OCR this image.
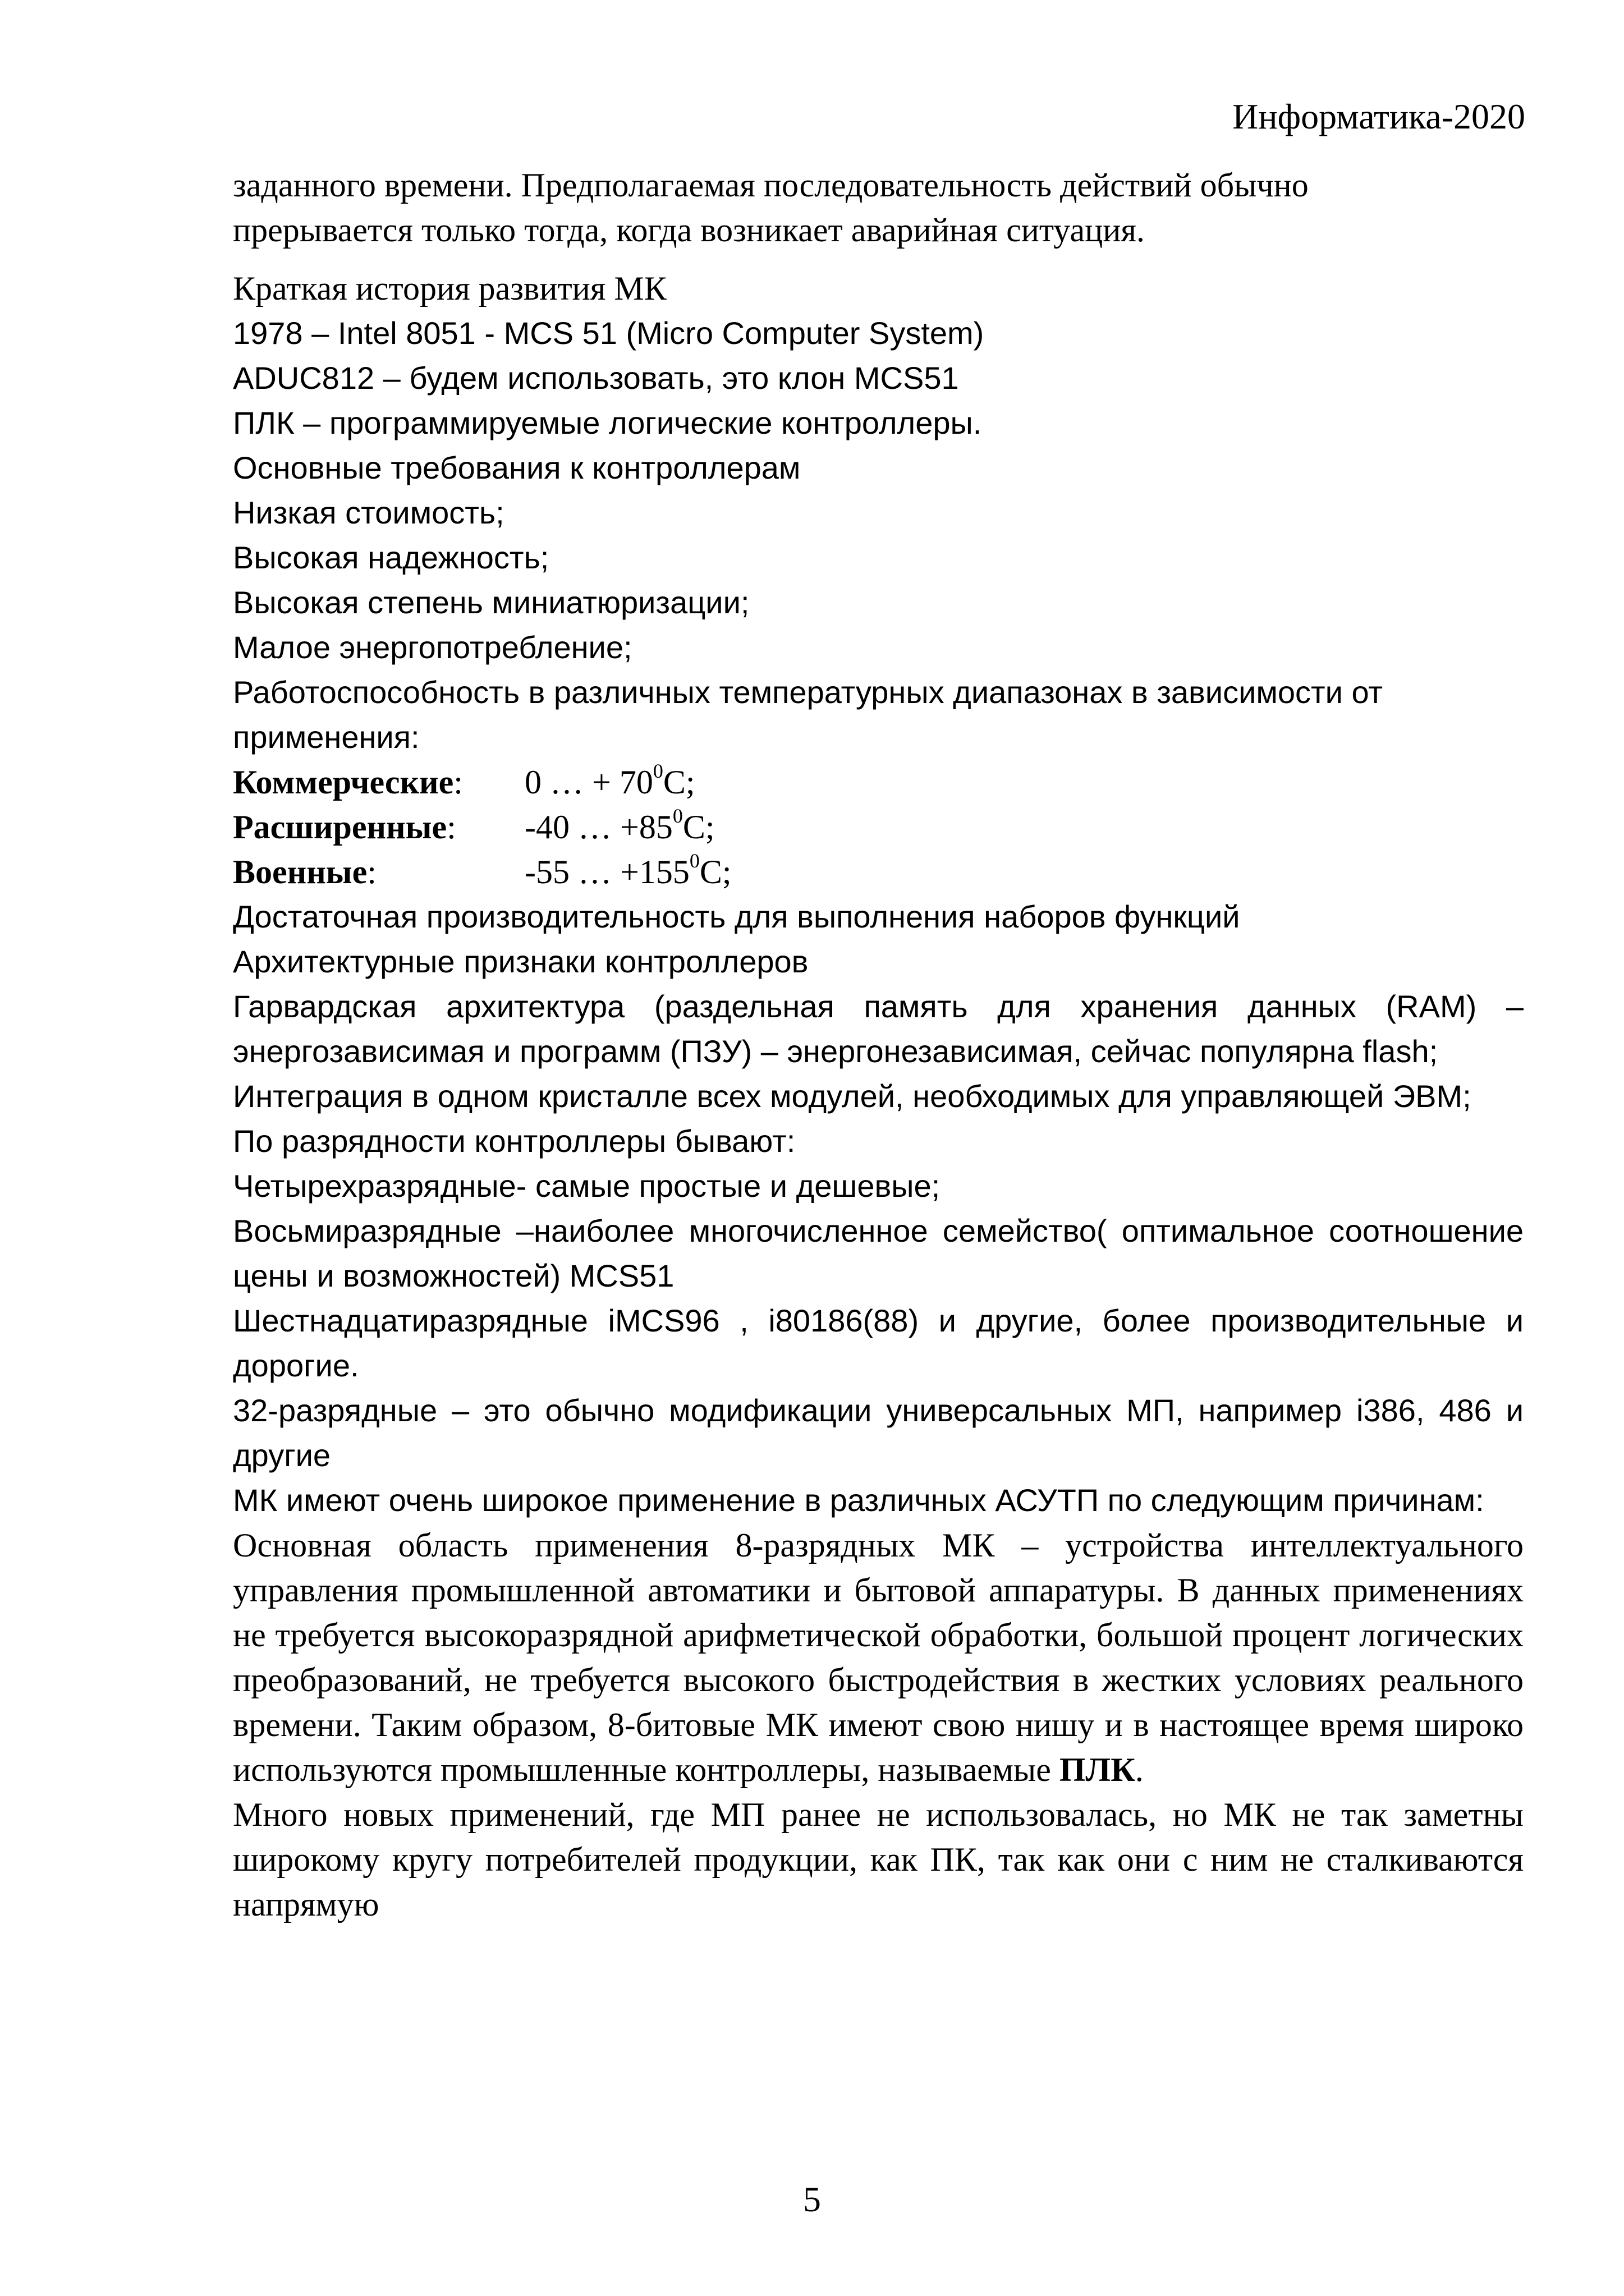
Информатика-2020

заданного времени. Предполагаемая последовательность действий обычно

прерывается только тогда, когда возникает аварийная ситуация.

Краткая история развития МК

1978 – Intel 8051 - MCS 51 (Micro Computer System)

ADUC812 – будем использовать, это клон MCS51

ПЛК – программируемые логические контроллеры.

Основные требования к контроллерам

Низкая стоимость;

Высокая надежность;

Высокая степень миниатюризации;

Малое энергопотребление;

Работоспособность в различных температурных диапазонах в зависимости от применения:

Коммерческие:	0 … + $70^0C$;
Расширенные:	-40 … $+85^0C$;
Военные:	-55 … $+155^0C$;

Достаточная производительность для выполнения наборов функций

Архитектурные признаки контроллеров

Гарвардская архитектура (раздельная память для хранения данных (RAM) – энергозависимая и программ (ПЗУ) – энергонезависимая, сейчас популярна flash;

Интеграция в одном кристалле всех модулей, необходимых для управляющей ЭВМ;

По разрядности контроллеры бывают:

Четырехразрядные- самые простые и дешевые;

Восьмиразрядные –наиболее многочисленное семейство( оптимальное соотношение цены и возможностей) MCS51

Шестнадцатиразрядные iMCS96 , i80186(88) и другие, более производительные и дорогие.

32-разрядные – это обычно модификации универсальных МП, например i386, 486 и другие

МК имеют очень широкое применение в различных АСУТП по следующим причинам:

Основная область применения 8-разрядных МК – устройства интеллектуального управления промышленной автоматики и бытовой аппаратуры. В данных применениях не требуется высокоразрядной арифметической обработки, большой процент логических преобразований, не требуется высокого быстродействия в жестких условиях реального времени. Таким образом, 8-битовые МК имеют свою нишу и в настоящее время широко используются промышленные контроллеры, называемые ПЛК.

Много новых применений, где МП ранее не использовалась, но МК не так заметны широкому кругу потребителей продукции, как ПК, так как они с ним не сталкиваются напрямую

5
